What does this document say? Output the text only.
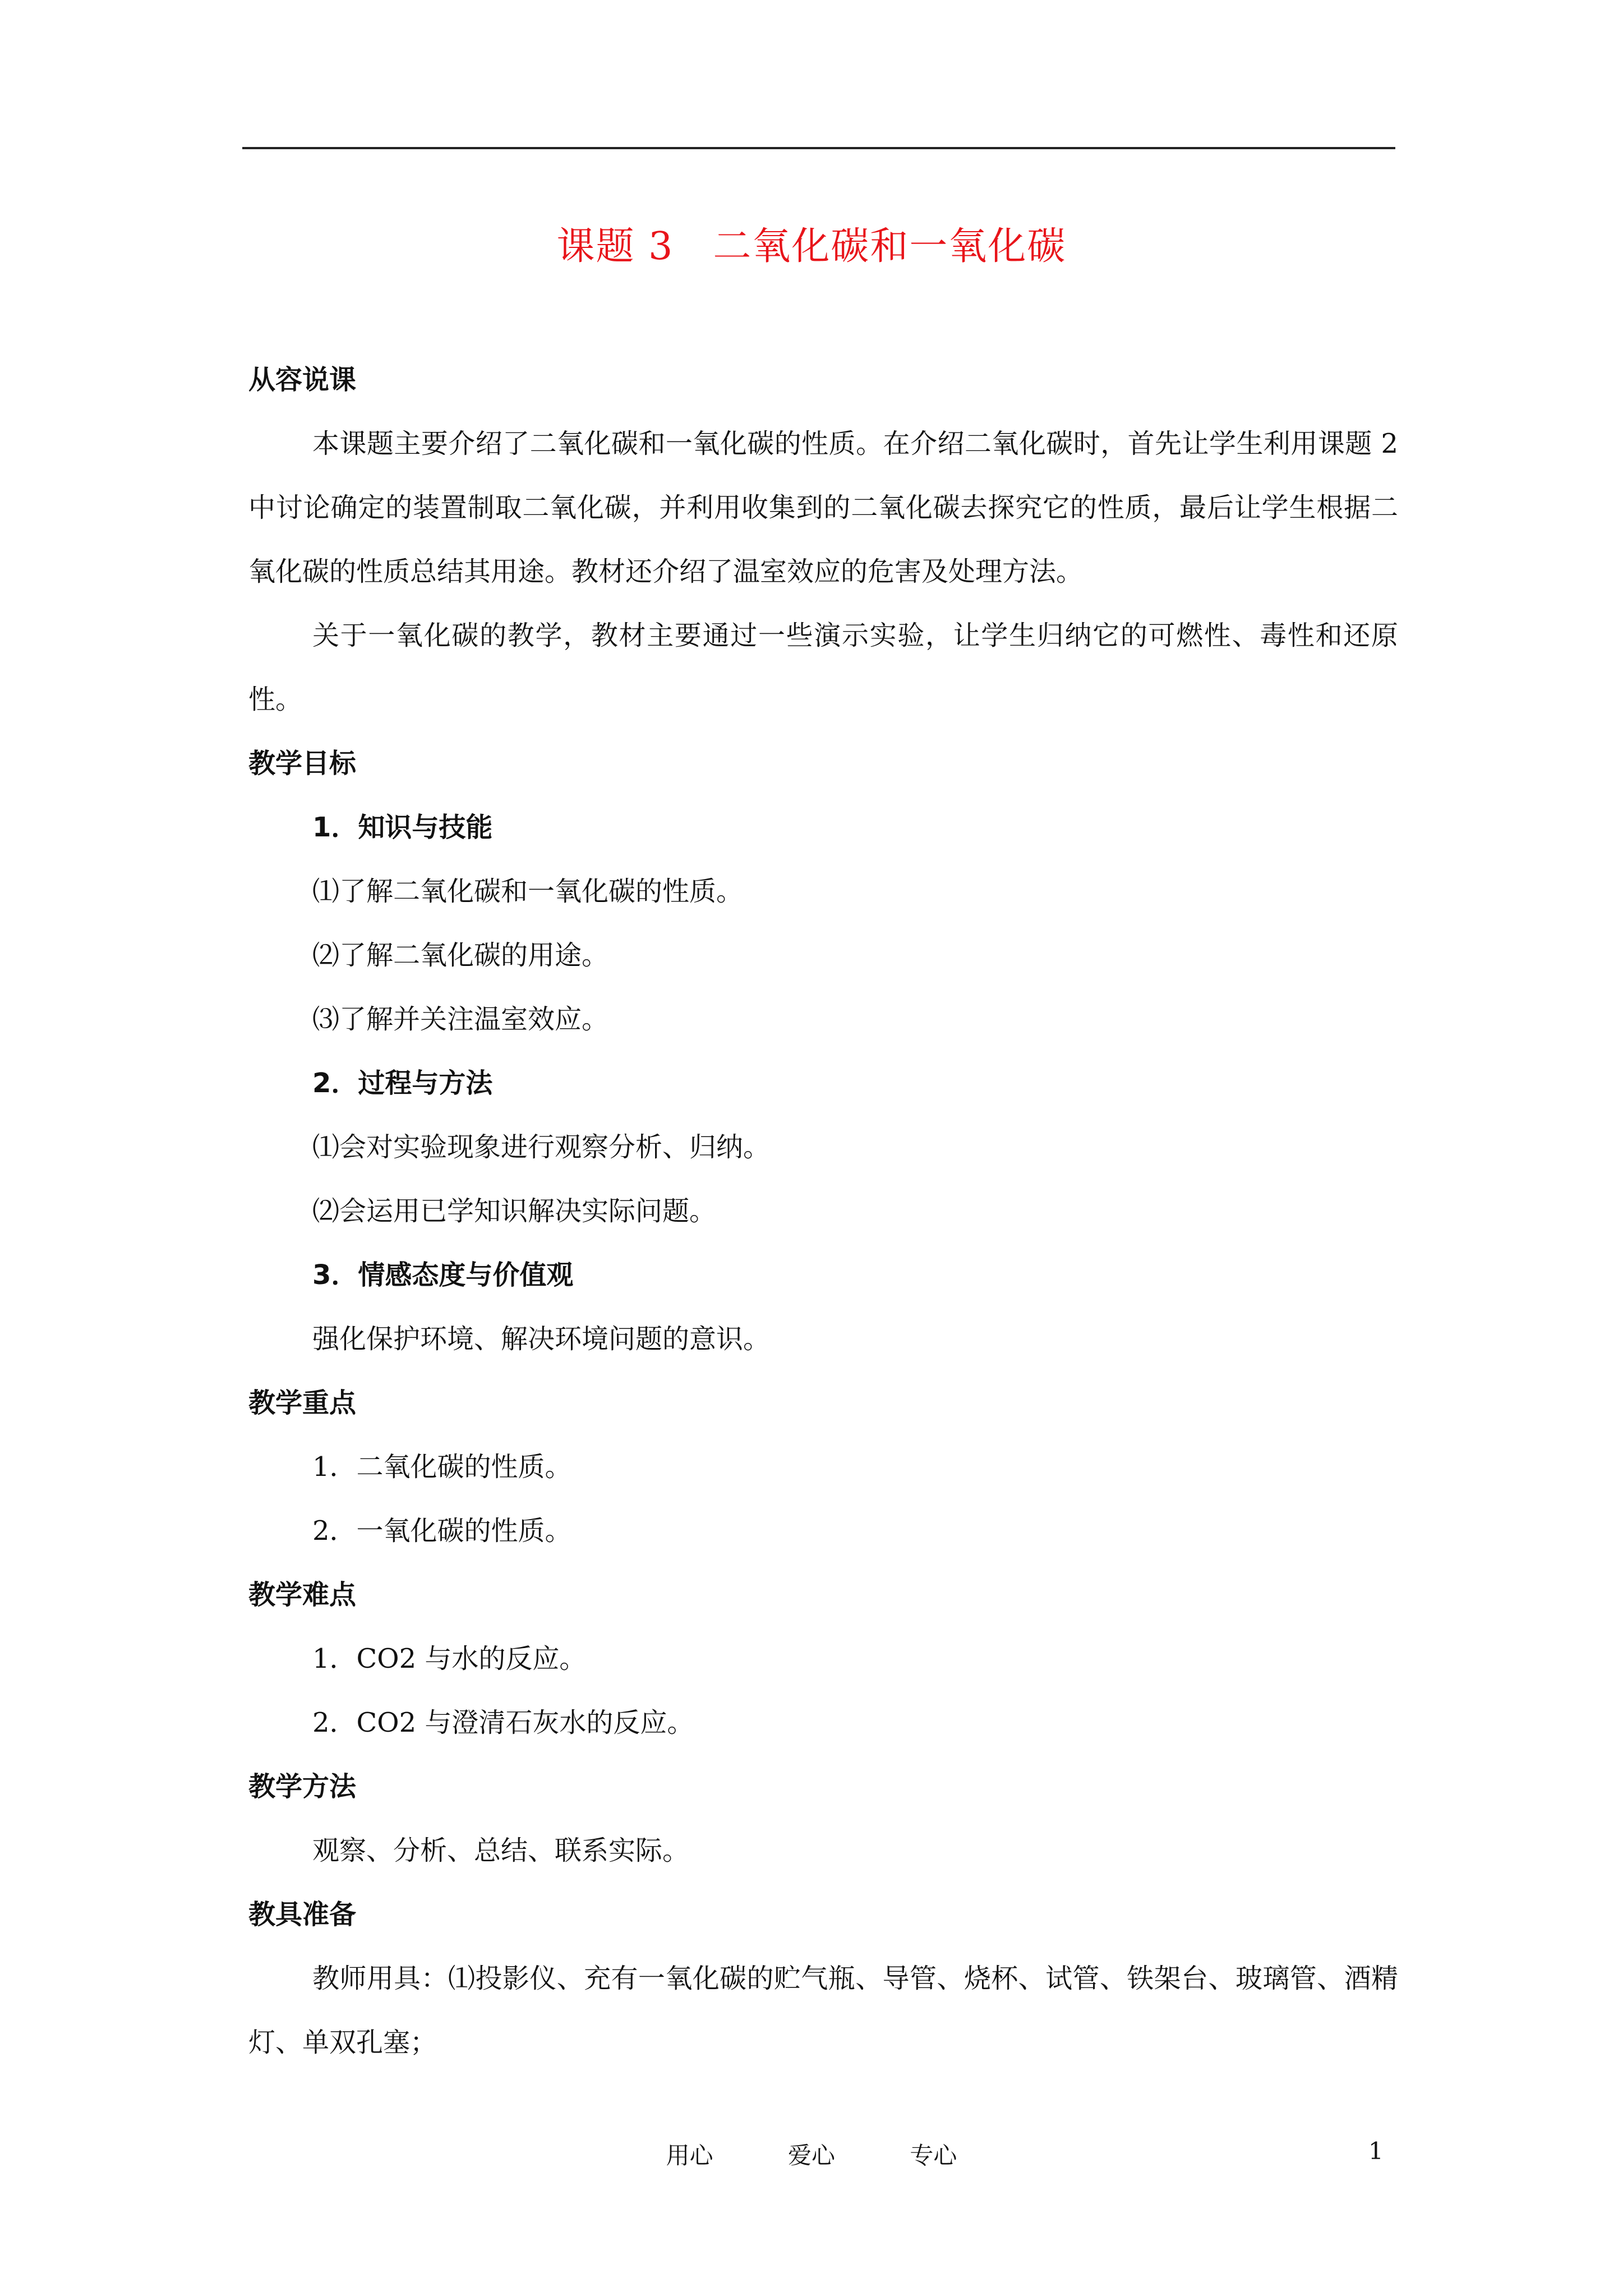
课题 3　二氧化碳和一氧化碳
从容说课

本课题主要介绍了二氧化碳和一氧化碳的性质。在介绍二氧化碳时，首先让学生利用课题 2 中讨论确定的装置制取二氧化碳，并利用收集到的二氧化碳去探究它的性质，最后让学生根据二氧化碳的性质总结其用途。教材还介绍了温室效应的危害及处理方法。

关于一氧化碳的教学，教材主要通过一些演示实验，让学生归纳它的可燃性、毒性和还原性。

教学目标
1．知识与技能
⑴了解二氧化碳和一氧化碳的性质。
⑵了解二氧化碳的用途。
⑶了解并关注温室效应。
2．过程与方法
⑴会对实验现象进行观察分析、归纳。
⑵会运用已学知识解决实际问题。
3．情感态度与价值观
强化保护环境、解决环境问题的意识。
教学重点
1．二氧化碳的性质。
2．一氧化碳的性质。
教学难点
1．CO2 与水的反应。
2．CO2 与澄清石灰水的反应。
教学方法
观察、分析、总结、联系实际。
教具准备

教师用具：⑴投影仪、充有一氧化碳的贮气瓶、导管、烧杯、试管、铁架台、玻璃管、酒精灯、单双孔塞；

用心	爱心	专心	1
